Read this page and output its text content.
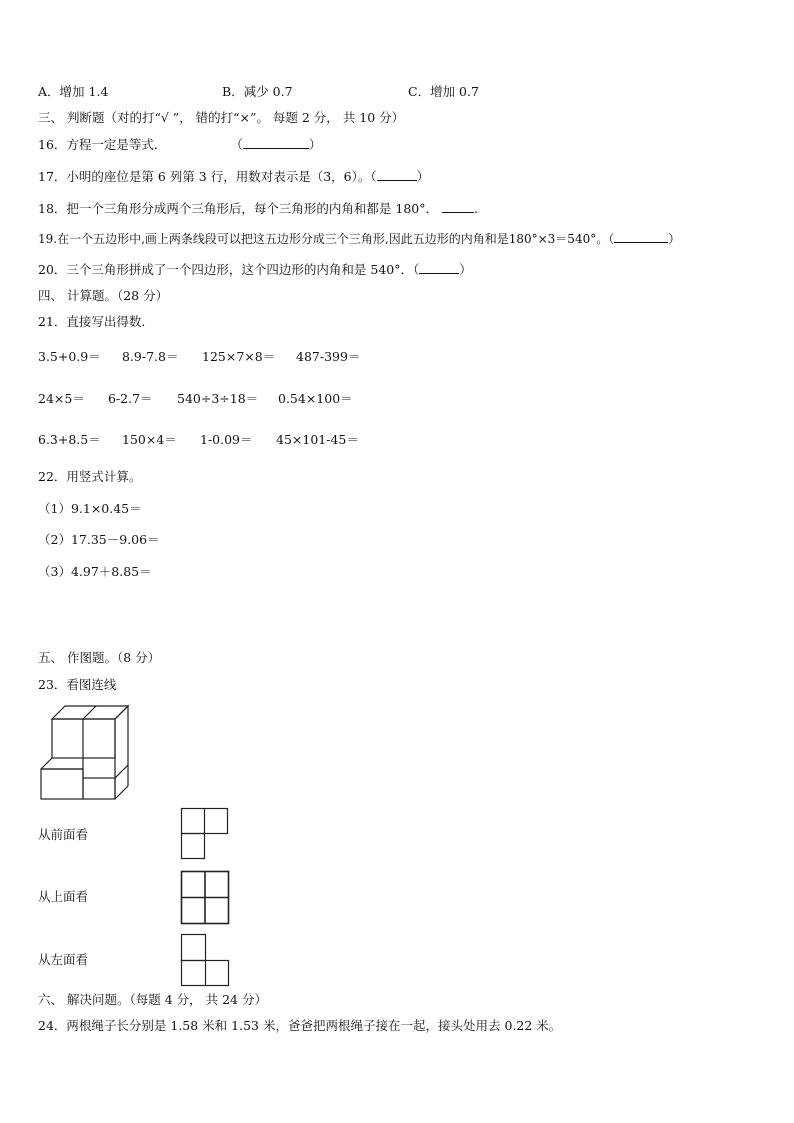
A．增加 1.4	B．减少 0.7	C．增加 0.7
三、 判断题（对的打“√ ”， 错的打“×”。 每题 2 分， 共 10 分）
16．方程一定是等式．	（	）
17．小明的座位是第 6 列第 3 行，用数对表示是（3，6）。（	）
18．把一个三角形分成两个三角形后，每个三角形的内角和都是 180°．	.
19.在一个五边形中,画上两条线段可以把这五边形分成三个三角形,因此五边形的内角和是180°×3＝540°。（	）
20．三个三角形拼成了一个四边形，这个四边形的内角和是 540°．（	）
四、 计算题。（28 分）
21．直接写出得数．
3.5+0.9＝ 8.9-7.8＝ 125×7×8＝ 487-399＝
24×5＝ 6-2.7＝ 540÷3÷18＝ 0.54×100＝
6.3+8.5＝ 150×4＝ 1-0.09＝ 45×101-45＝
22．用竖式计算。
（1）9.1×0.45＝
（2）17.35－9.06＝
（3）4.97＋8.85＝
五、 作图题。（8 分）
23．看图连线
从前面看
从上面看
从左面看
六、 解决问题。（每题 4 分， 共 24 分）
24．两根绳子长分别是 1.58 米和 1.53 米，爸爸把两根绳子接在一起，接头处用去 0.22 米。
